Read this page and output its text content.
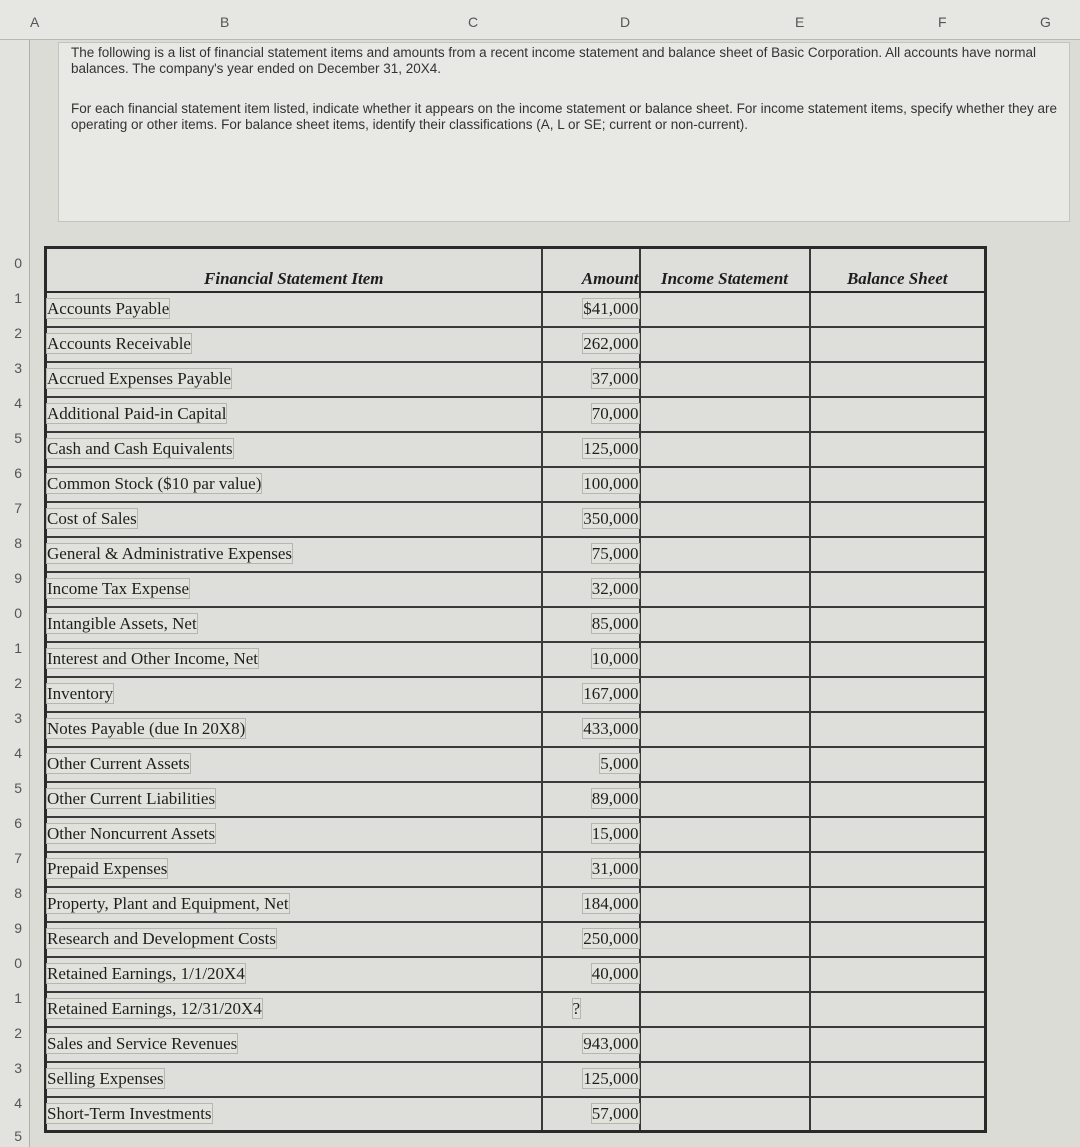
A	B	C	D	E	F	G
0
1
2
3
4
5
6
7
8
9
0
1
2
3
4
5
6
7
8
9
0
1
2
3
4
5

The following is a list of financial statement items and amounts from a recent income statement and balance sheet of Basic Corporation. All accounts have normal balances. The company's year ended on December 31, 20X4.

For each financial statement item listed, indicate whether it appears on the income statement or balance sheet. For income statement items, specify whether they are operating or other items. For balance sheet items, identify their classifications (A, L or SE; current or non-current).

Financial Statement Item	Amount	Income Statement	Balance Sheet
Accounts Payable	$41,000		
Accounts Receivable	262,000		
Accrued Expenses Payable	37,000		
Additional Paid-in Capital	70,000		
Cash and Cash Equivalents	125,000		
Common Stock ($10 par value)	100,000		
Cost of Sales	350,000		
General & Administrative Expenses	75,000		
Income Tax Expense	32,000		
Intangible Assets, Net	85,000		
Interest and Other Income, Net	10,000		
Inventory	167,000		
Notes Payable (due In 20X8)	433,000		
Other Current Assets	5,000		
Other Current Liabilities	89,000		
Other Noncurrent Assets	15,000		
Prepaid Expenses	31,000		
Property, Plant and Equipment, Net	184,000		
Research and Development Costs	250,000		
Retained Earnings, 1/1/20X4	40,000		
Retained Earnings, 12/31/20X4	?		
Sales and Service Revenues	943,000		
Selling Expenses	125,000		
Short-Term Investments	57,000		
